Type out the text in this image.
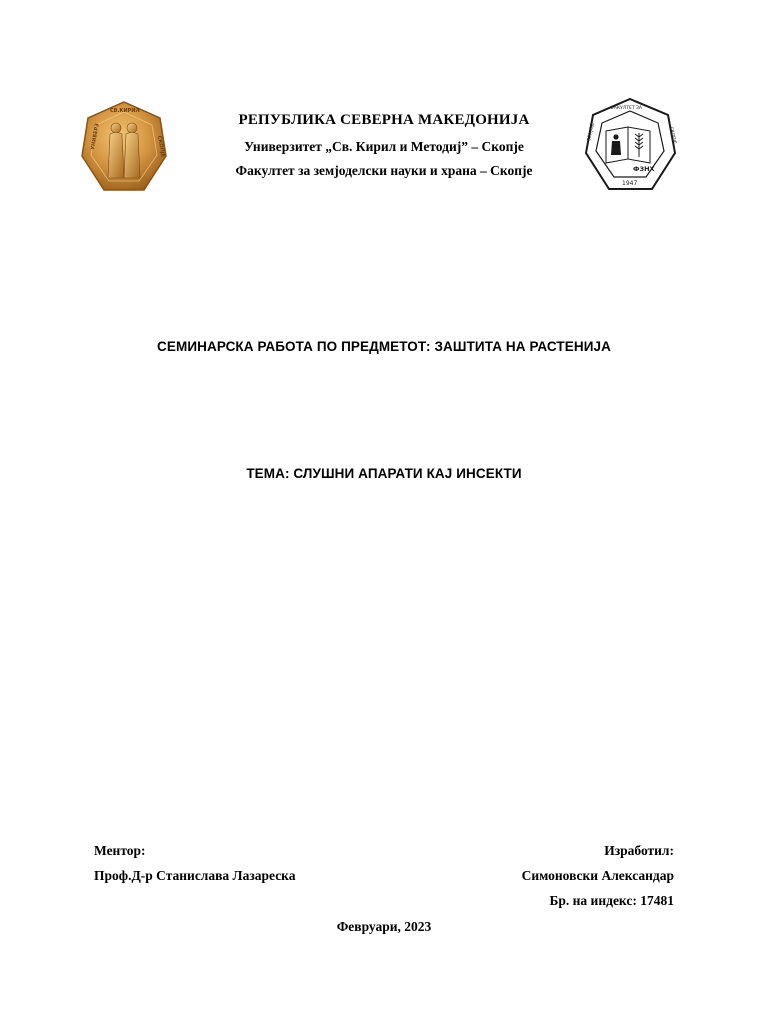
СВ.КИРИЛ
УНИВЕРЗ	СКОПЈЕ
ФЗНХ
1947
ФАКУЛТЕТ ЗА
ЗЕМЈОД	СКОПЈЕ
РЕПУБЛИКА СЕВЕРНА МАКЕДОНИЈА
Универзитет „Св. Кирил и Методиј” – Скопје
Факултет за земјоделски науки и храна – Скопје
СЕМИНАРСКА РАБОТА ПО ПРЕДМЕТОТ: ЗАШТИТА НА РАСТЕНИЈА
ТЕМА: СЛУШНИ АПАРАТИ КАЈ ИНСЕКТИ
Ментор:
Проф.Д-р Станислава Лазареска
Изработил:
Симоновски Александар
Бр. на индекс: 17481
Февруари, 2023
